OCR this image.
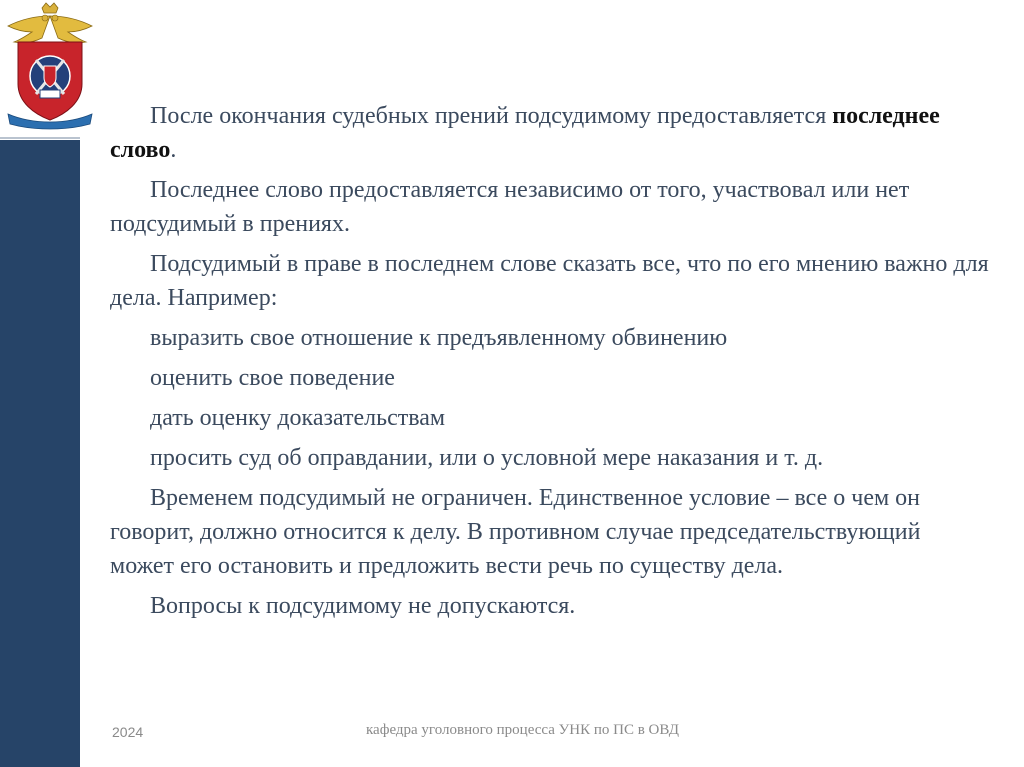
После окончания судебных прений подсудимому предоставляется последнее слово.

Последнее слово предоставляется независимо от того, участвовал или нет подсудимый в прениях.

Подсудимый в праве в последнем слове сказать все, что по его мнению важно для дела. Например:

выразить свое отношение к предъявленному обвинению

оценить свое поведение

дать оценку доказательствам

просить суд об оправдании, или о условной мере наказания и т. д.

Временем подсудимый не ограничен. Единственное условие – все о чем он говорит, должно относится к делу. В противном случае председательствующий может его остановить и предложить вести речь по существу дела.

Вопросы к подсудимому не допускаются.

2024	кафедра уголовного процесса УНК по ПС в ОВД
